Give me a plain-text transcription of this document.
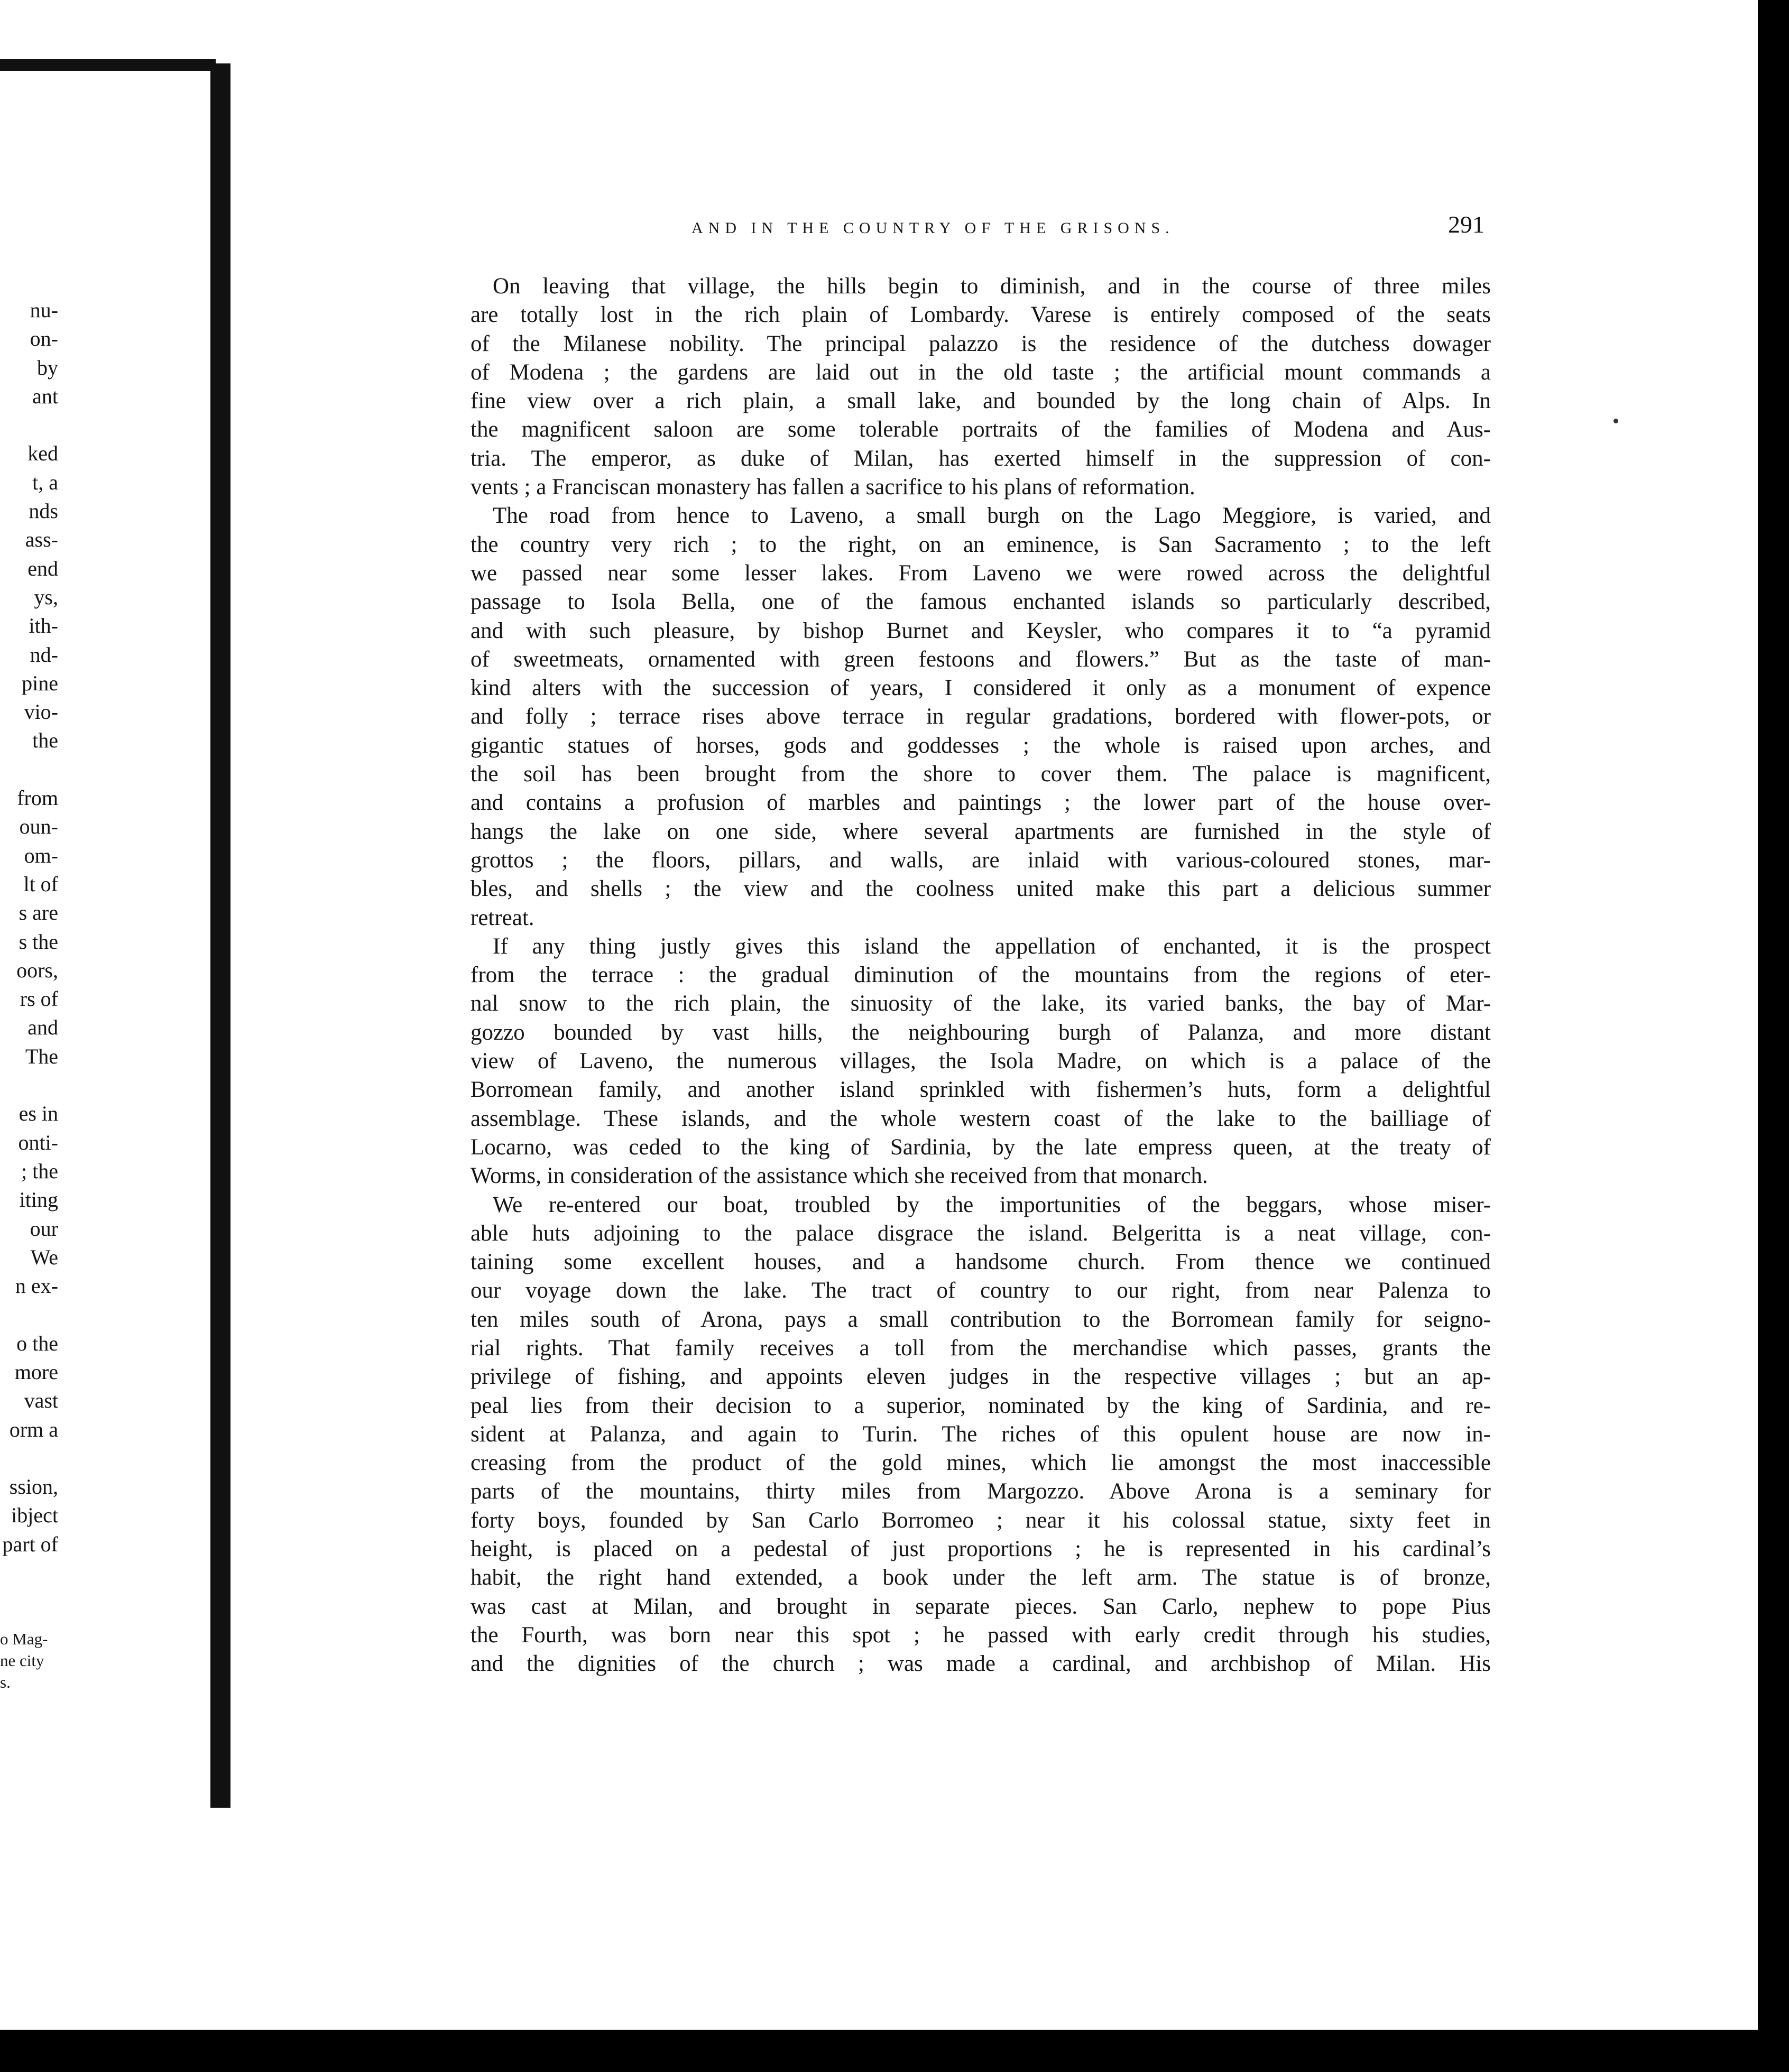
nu-
on-
by
ant
ked
t, a
nds
ass-
end
ys,
ith-
nd-
pine
vio-
the
from
oun-
om-
lt of
s are
s the
oors,
rs of
and
The
es in
onti-
; the
iting
our
We
n ex-
o the
more
vast
orm a
ssion,
ibject
part of
o Mag-
ne city
s.
AND IN THE COUNTRY OF THE GRISONS.	291
On leaving that village, the hills begin to diminish, and in the course of three miles
are totally lost in the rich plain of Lombardy. Varese is entirely composed of the seats
of the Milanese nobility. The principal palazzo is the residence of the dutchess dowager
of Modena ; the gardens are laid out in the old taste ; the artificial mount commands a
fine view over a rich plain, a small lake, and bounded by the long chain of Alps. In
the magnificent saloon are some tolerable portraits of the families of Modena and Aus-
tria. The emperor, as duke of Milan, has exerted himself in the suppression of con-
vents ; a Franciscan monastery has fallen a sacrifice to his plans of reformation.
The road from hence to Laveno, a small burgh on the Lago Meggiore, is varied, and
the country very rich ; to the right, on an eminence, is San Sacramento ; to the left
we passed near some lesser lakes. From Laveno we were rowed across the delightful
passage to Isola Bella, one of the famous enchanted islands so particularly described,
and with such pleasure, by bishop Burnet and Keysler, who compares it to “a pyramid
of sweetmeats, ornamented with green festoons and flowers.” But as the taste of man-
kind alters with the succession of years, I considered it only as a monument of expence
and folly ; terrace rises above terrace in regular gradations, bordered with flower-pots, or
gigantic statues of horses, gods and goddesses ; the whole is raised upon arches, and
the soil has been brought from the shore to cover them. The palace is magnificent,
and contains a profusion of marbles and paintings ; the lower part of the house over-
hangs the lake on one side, where several apartments are furnished in the style of
grottos ; the floors, pillars, and walls, are inlaid with various-coloured stones, mar-
bles, and shells ; the view and the coolness united make this part a delicious summer
retreat.
If any thing justly gives this island the appellation of enchanted, it is the prospect
from the terrace : the gradual diminution of the mountains from the regions of eter-
nal snow to the rich plain, the sinuosity of the lake, its varied banks, the bay of Mar-
gozzo bounded by vast hills, the neighbouring burgh of Palanza, and more distant
view of Laveno, the numerous villages, the Isola Madre, on which is a palace of the
Borromean family, and another island sprinkled with fishermen’s huts, form a delightful
assemblage. These islands, and the whole western coast of the lake to the bailliage of
Locarno, was ceded to the king of Sardinia, by the late empress queen, at the treaty of
Worms, in consideration of the assistance which she received from that monarch.
We re-entered our boat, troubled by the importunities of the beggars, whose miser-
able huts adjoining to the palace disgrace the island. Belgeritta is a neat village, con-
taining some excellent houses, and a handsome church. From thence we continued
our voyage down the lake. The tract of country to our right, from near Palenza to
ten miles south of Arona, pays a small contribution to the Borromean family for seigno-
rial rights. That family receives a toll from the merchandise which passes, grants the
privilege of fishing, and appoints eleven judges in the respective villages ; but an ap-
peal lies from their decision to a superior, nominated by the king of Sardinia, and re-
sident at Palanza, and again to Turin. The riches of this opulent house are now in-
creasing from the product of the gold mines, which lie amongst the most inaccessible
parts of the mountains, thirty miles from Margozzo. Above Arona is a seminary for
forty boys, founded by San Carlo Borromeo ; near it his colossal statue, sixty feet in
height, is placed on a pedestal of just proportions ; he is represented in his cardinal’s
habit, the right hand extended, a book under the left arm. The statue is of bronze,
was cast at Milan, and brought in separate pieces. San Carlo, nephew to pope Pius
the Fourth, was born near this spot ; he passed with early credit through his studies,
and the dignities of the church ; was made a cardinal, and archbishop of Milan. His
